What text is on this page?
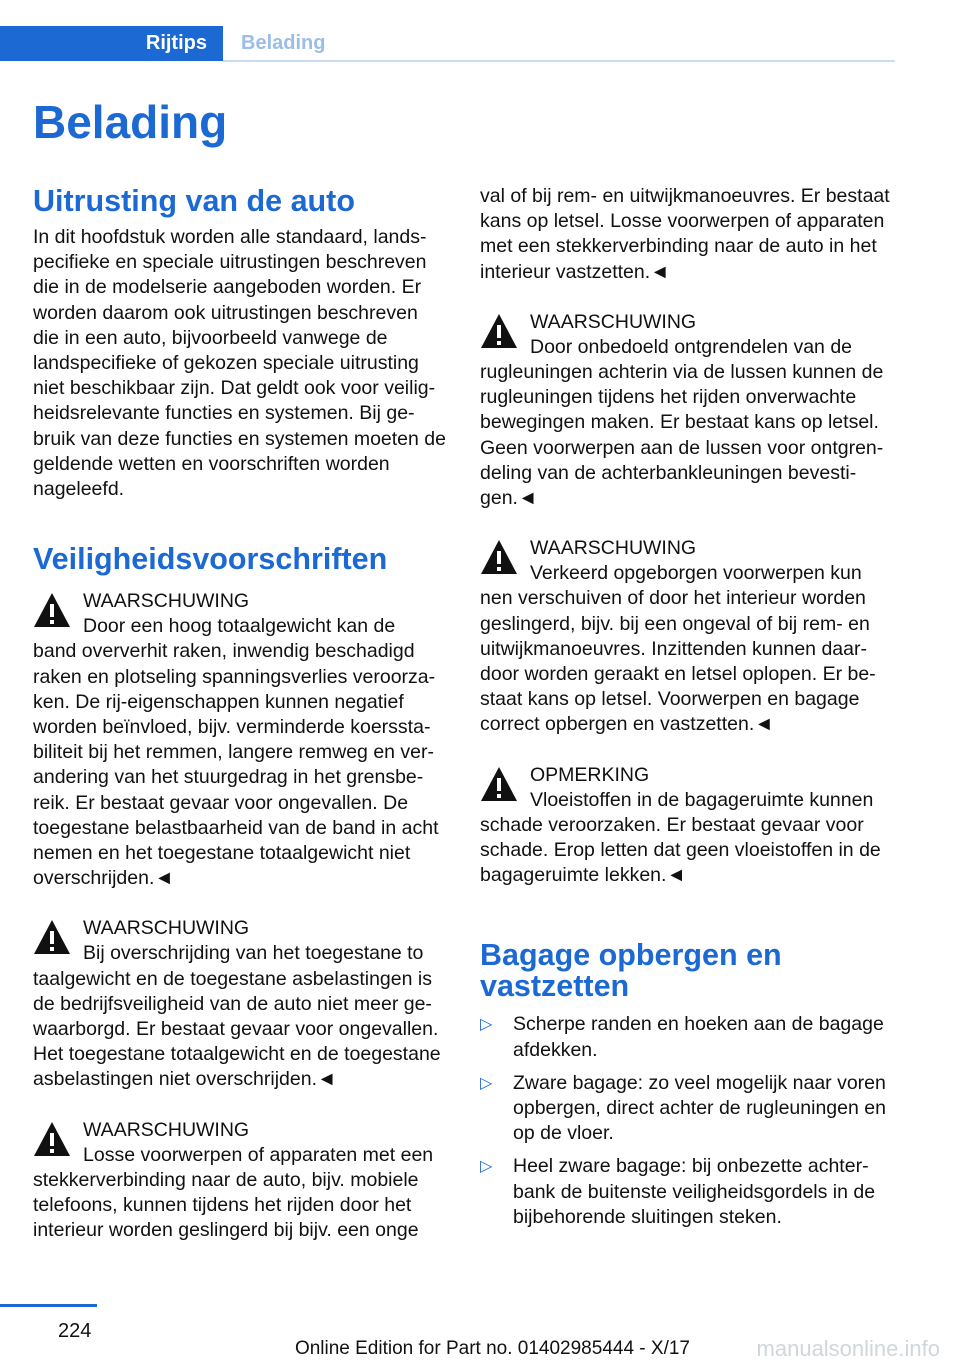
Rijtips	Belading
Belading
Uitrusting van de auto

In dit hoofdstuk worden alle standaard, landspecifieke en speciale uitrustingen beschreven die in de modelserie aangeboden worden. Er worden daarom ook uitrustingen beschreven die in een auto, bijvoorbeeld vanwege de landspecifieke of gekozen speciale uitrusting niet beschikbaar zijn. Dat geldt ook voor veiligheidsrelevante functies en systemen. Bij gebruik van deze functies en systemen moeten de geldende wetten en voorschriften worden nageleefd.

Veiligheidsvoorschriften
WAARSCHUWING
Door een hoog totaalgewicht kan de

band oververhit raken, inwendig beschadigd raken en plotseling spanningsverlies veroorzaken. De rij-eigenschappen kunnen negatief worden beïnvloed, bijv. verminderde koersstabiliteit bij het remmen, langere remweg en verandering van het stuurgedrag in het grensbereik. Er bestaat gevaar voor ongevallen. De toegestane belastbaarheid van de band in acht nemen en het toegestane totaalgewicht niet overschrijden.◄

WAARSCHUWING
Bij overschrijding van het toegestane to

taalgewicht en de toegestane asbelastingen is de bedrijfsveiligheid van de auto niet meer gewaarborgd. Er bestaat gevaar voor ongevallen. Het toegestane totaalgewicht en de toegestane asbelastingen niet overschrijden.◄

WAARSCHUWING
Losse voorwerpen of apparaten met een

stekkerverbinding naar de auto, bijv. mobiele telefoons, kunnen tijdens het rijden door het interieur worden geslingerd bij bijv. een onge

val of bij rem- en uitwijkmanoeuvres. Er bestaat kans op letsel. Losse voorwerpen of apparaten met een stekkerverbinding naar de auto in het interieur vastzetten.◄

WAARSCHUWING
Door onbedoeld ontgrendelen van de

rugleuningen achterin via de lussen kunnen de rugleuningen tijdens het rijden onverwachte bewegingen maken. Er bestaat kans op letsel. Geen voorwerpen aan de lussen voor ontgrendeling van de achterbankleuningen bevestigen.◄

WAARSCHUWING
Verkeerd opgeborgen voorwerpen kun

nen verschuiven of door het interieur worden geslingerd, bijv. bij een ongeval of bij rem- en uitwijkmanoeuvres. Inzittenden kunnen daardoor worden geraakt en letsel oplopen. Er bestaat kans op letsel. Voorwerpen en bagage correct opbergen en vastzetten.◄

OPMERKING
Vloeistoffen in de bagageruimte kunnen

schade veroorzaken. Er bestaat gevaar voor schade. Erop letten dat geen vloeistoffen in de bagageruimte lekken.◄

Bagage opbergen en vastzetten
▷ Scherpe randen en hoeken aan de bagage afdekken.
▷ Zware bagage: zo veel mogelijk naar voren opbergen, direct achter de rugleuningen en op de vloer.
▷ Heel zware bagage: bij onbezette achterbank de buitenste veiligheidsgordels in de bijbehorende sluitingen steken.
224
Online Edition for Part no. 01402985444 - X/17	manualsonline.info
